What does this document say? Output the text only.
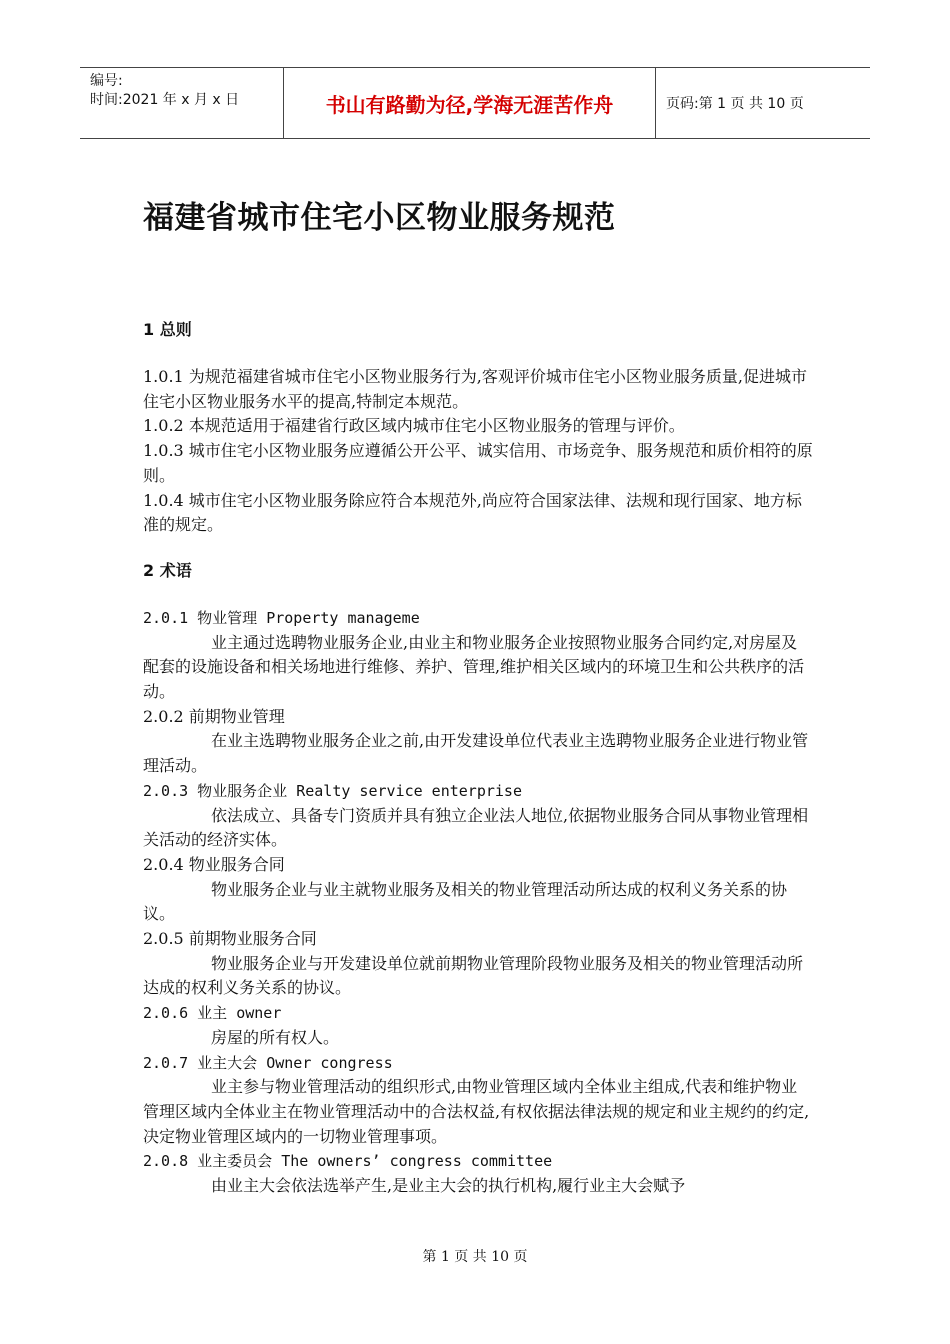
编号:
时间:2021 年 x 月 x 日	书山有路勤为径,学海无涯苦作舟	页码:第 1 页 共 10 页
福建省城市住宅小区物业服务规范
1 总则

1.0.1 为规范福建省城市住宅小区物业服务行为,客观评价城市住宅小区物业服务质量,促进城市住宅小区物业服务水平的提高,特制定本规范。

1.0.2 本规范适用于福建省行政区域内城市住宅小区物业服务的管理与评价。

1.0.3 城市住宅小区物业服务应遵循公开公平、诚实信用、市场竞争、服务规范和质价相符的原则。

1.0.4 城市住宅小区物业服务除应符合本规范外,尚应符合国家法律、法规和现行国家、地方标准的规定。

2 术语

2.0.1 物业管理 Property manageme

业主通过选聘物业服务企业,由业主和物业服务企业按照物业服务合同约定,对房屋及配套的设施设备和相关场地进行维修、养护、管理,维护相关区域内的环境卫生和公共秩序的活动。

2.0.2 前期物业管理

在业主选聘物业服务企业之前,由开发建设单位代表业主选聘物业服务企业进行物业管理活动。

2.0.3 物业服务企业 Realty service enterprise

依法成立、具备专门资质并具有独立企业法人地位,依据物业服务合同从事物业管理相关活动的经济实体。

2.0.4 物业服务合同

物业服务企业与业主就物业服务及相关的物业管理活动所达成的权利义务关系的协议。

2.0.5 前期物业服务合同

物业服务企业与开发建设单位就前期物业管理阶段物业服务及相关的物业管理活动所达成的权利义务关系的协议。

2.0.6 业主 owner

房屋的所有权人。

2.0.7 业主大会 Owner congress

业主参与物业管理活动的组织形式,由物业管理区域内全体业主组成,代表和维护物业管理区域内全体业主在物业管理活动中的合法权益,有权依据法律法规的规定和业主规约的约定,决定物业管理区域内的一切物业管理事项。

2.0.8 业主委员会 The owners’ congress committee

由业主大会依法选举产生,是业主大会的执行机构,履行业主大会赋予

第 1 页 共 10 页
